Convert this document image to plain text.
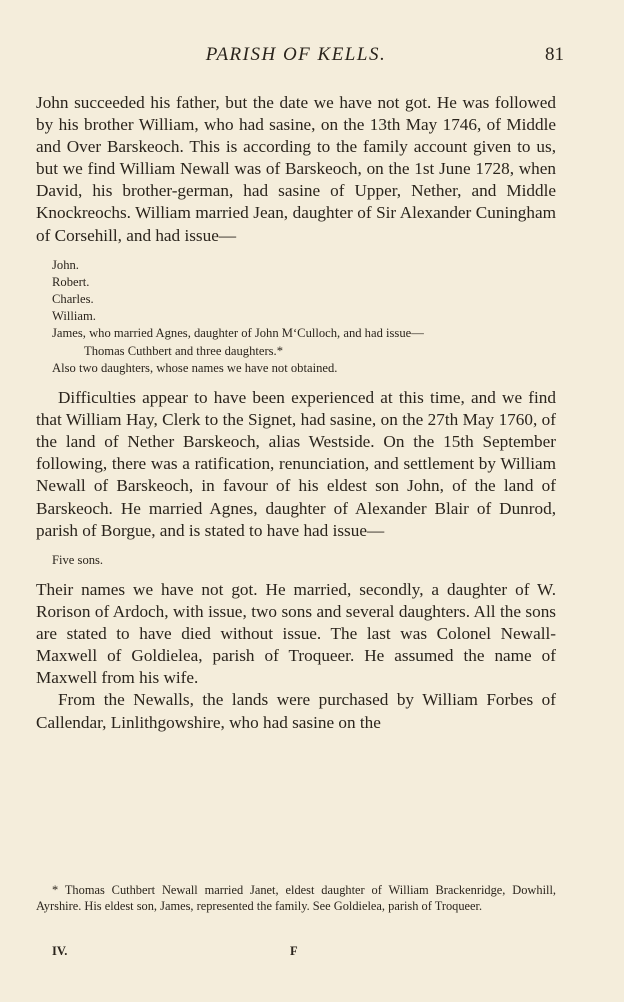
PARISH OF KELLS.	81

John succeeded his father, but the date we have not got. He was followed by his brother William, who had sasine, on the 13th May 1746, of Middle and Over Barskeoch. This is according to the family account given to us, but we find William Newall was of Barskeoch, on the 1st June 1728, when David, his brother-german, had sasine of Upper, Nether, and Middle Knockreochs. William married Jean, daughter of Sir Alexander Cuningham of Corsehill, and had issue—

John.

Robert.

Charles.

William.

James, who married Agnes, daughter of John M‘Culloch, and had issue—

Thomas Cuthbert and three daughters.*

Also two daughters, whose names we have not obtained.

Difficulties appear to have been experienced at this time, and we find that William Hay, Clerk to the Signet, had sasine, on the 27th May 1760, of the land of Nether Barskeoch, alias Westside. On the 15th September following, there was a ratification, renunciation, and settlement by William Newall of Barskeoch, in favour of his eldest son John, of the land of Barskeoch. He married Agnes, daughter of Alexander Blair of Dunrod, parish of Borgue, and is stated to have had issue—

Five sons.

Their names we have not got. He married, secondly, a daughter of W. Rorison of Ardoch, with issue, two sons and several daughters. All the sons are stated to have died without issue. The last was Colonel Newall-Maxwell of Goldielea, parish of Troqueer. He assumed the name of Maxwell from his wife.

From the Newalls, the lands were purchased by William Forbes of Callendar, Linlithgowshire, who had sasine on the

* Thomas Cuthbert Newall married Janet, eldest daughter of William Brackenridge, Dowhill, Ayrshire. His eldest son, James, represented the family. See Goldielea, parish of Troqueer.

IV.	F
